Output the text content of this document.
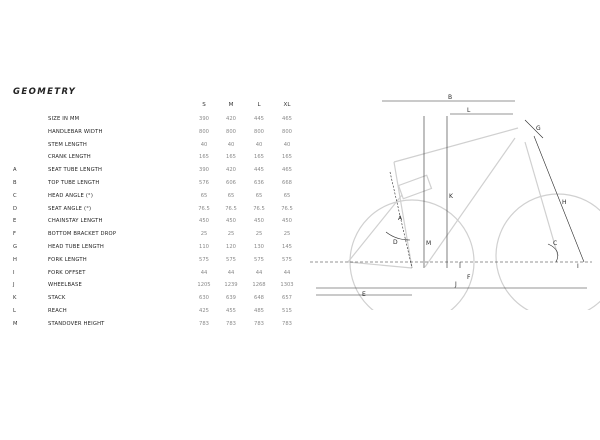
GEOMETRY
S	M	L	XL
SIZE IN MM	390	420	445	465
HANDLEBAR WIDTH	800	800	800	800
STEM LENGTH	40	40	40	40
CRANK LENGTH	165	165	165	165
A	SEAT TUBE LENGTH	390	420	445	465
B	TOP TUBE LENGTH	576	606	636	668
C	HEAD ANGLE (°)	65	65	65	65
D	SEAT ANGLE (°)	76.5	76.5	76.5	76.5
E	CHAINSTAY LENGTH	450	450	450	450
F	BOTTOM BRACKET DROP	25	25	25	25
G	HEAD TUBE LENGTH	110	120	130	145
H	FORK LENGTH	575	575	575	575
I	FORK OFFSET	44	44	44	44
J	WHEELBASE	1205	1239	1268	1303
K	STACK	630	639	648	657
L	REACH	425	455	485	515
M	STANDOVER HEIGHT	783	783	783	783
A
B
C
D
E
F
G
H
I
J
K
L
M
